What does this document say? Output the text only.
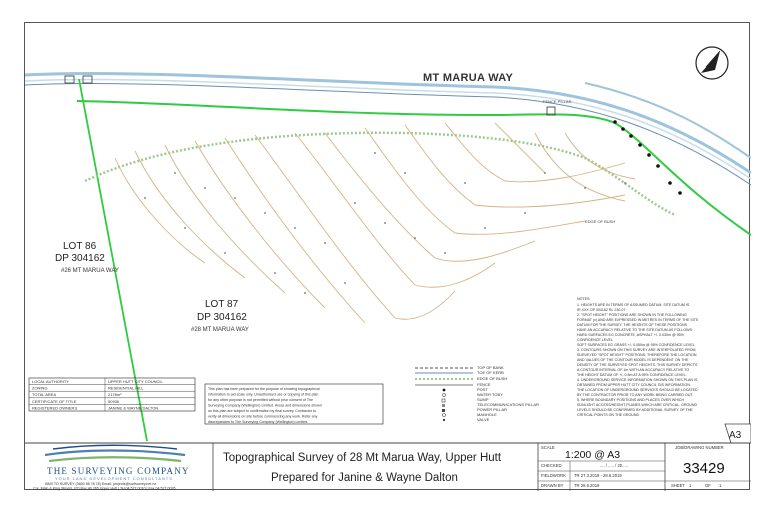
MT MARUA WAY
FENCE PILLAR
EDGE OF BUSH
LOT 86
DP 304162
#26 MT MARUA WAY
LOT 87
DP 304162
#28 MT MARUA WAY
NOTES:
1. HEIGHTS ARE IN TERMS OF ASSUMED DATUM. SITE DATUM IS
IR XXX OP 304162 RL 230.07
2. "SPOT HEIGHT" POSITIONS ARE SHOWN IN THE FOLLOWING
FORMAT (x) AND ARE EXPRESSED IN METRES IN TERMS OF THE SITE
DATUM FOR THE SURVEY. THE HEIGHTS OF THESE POSITIONS
HAVE AN ACCURACY RELATIVE TO THE SITE DATUM AS FOLLOWS:
HARD SURFACES EG CONCRETE, ASPHALT +/- 0.030m @ 95%
CONFIDENCE LEVEL
SOFT SURFACES EG GRASS +/- 0.050m @ 95% CONFIDENCE LEVEL
3. CONTOURS SHOWN ON THIS SURVEY ARE INTERPOLATED FROM
SURVEYED "SPOT HEIGHT" POSITIONS, THEREFORE THE LOCATION
AND VALUES OF THE CONTOUR MODEL IS DEPENDENT ON THE
DENSITY OF THE SURVEYED SPOT HEIGHTS. THIS SURVEY DEPICTS
A CONTOUR INTERVAL OF 1m WITH AN ACCURACY RELATIVE TO
THE HEIGHT DATUM OF +/- 0.5m AT A 95% CONFIDENCE LEVEL.
4. UNDERGROUND SERVICE INFORMATION SHOWN ON THIS PLAN IS
OBTAINED FROM UPPER HUTT CITY COUNCIL GIS INFORMATION.
THE LOCATION OF UNDERGROUND SERVICES SHOULD BE LOCATED
BY THE CONTRACTOR PRIOR TO ANY WORK BEING CARRIED OUT.
5. WHERE BOUNDARY POSITIONS AND PLACES OVER WHICH
SUNLIGHT ACCESS/HEIGHT PLANES WHICH ARE CRITICAL, GROUND
LEVELS SHOULD BE CONFIRMED BY ADDITIONAL SURVEY OF THE
CRITICAL POINTS ON THE GROUND
TOP OF BANK
TOE OF KERB
EDGE OF BUSH
FENCE
POST
WATER TOBY
SUMP
TELECOMMUNICATIONS PILLAR
POWER PILLAR
MANHOLE
VALVE
LOCAL AUTHORITY	UPPER HUTT CITY COUNCIL
ZONING	RESIDENTIAL HILL
TOTAL AREA	2178m²
CERTIFICATE OF TITLE	50936
REGISTERED OWNERS	JANINE & WAYNE DALTON
This plan has been prepared for the purpose of showing topographical
information to aid scale only. Unauthorised use or copying of this plan
for any other purpose is not permitted without prior consent of The
Surveying Company (Wellington) Limited. Areas and dimensions shown
on this plan are subject to confirmation by final survey. Contractor to
verify all dimensions on site before commencing any work. Refer any
discrepancies to The Surveying Company (Wellington) Limited.
A3
THE SURVEYING COMPANY
YOUR LAND DEVELOPMENT CONSULTANTS
0800 TO SURVEY (0800 86 78 78) Email: projects@surfsurvey.net.nz
Cnr. Main & King Streets, PO Box 40 365 Upper Hutt | Tel 04 527 0010 | Fax 04 527 0026
Topographical Survey of 28 Mt Marua Way, Upper Hutt
Prepared for Janine & Wayne Dalton
SCALE
1:200 @ A3
CHECKED	.... / ..... / 20.....
FIELDWORK TR 27.3.2019 - 28.6.2019
DRAWN BY	TR 28.6.2019
JOB/DRAWING NUMBER
33429
SHEET 1	OF 1
